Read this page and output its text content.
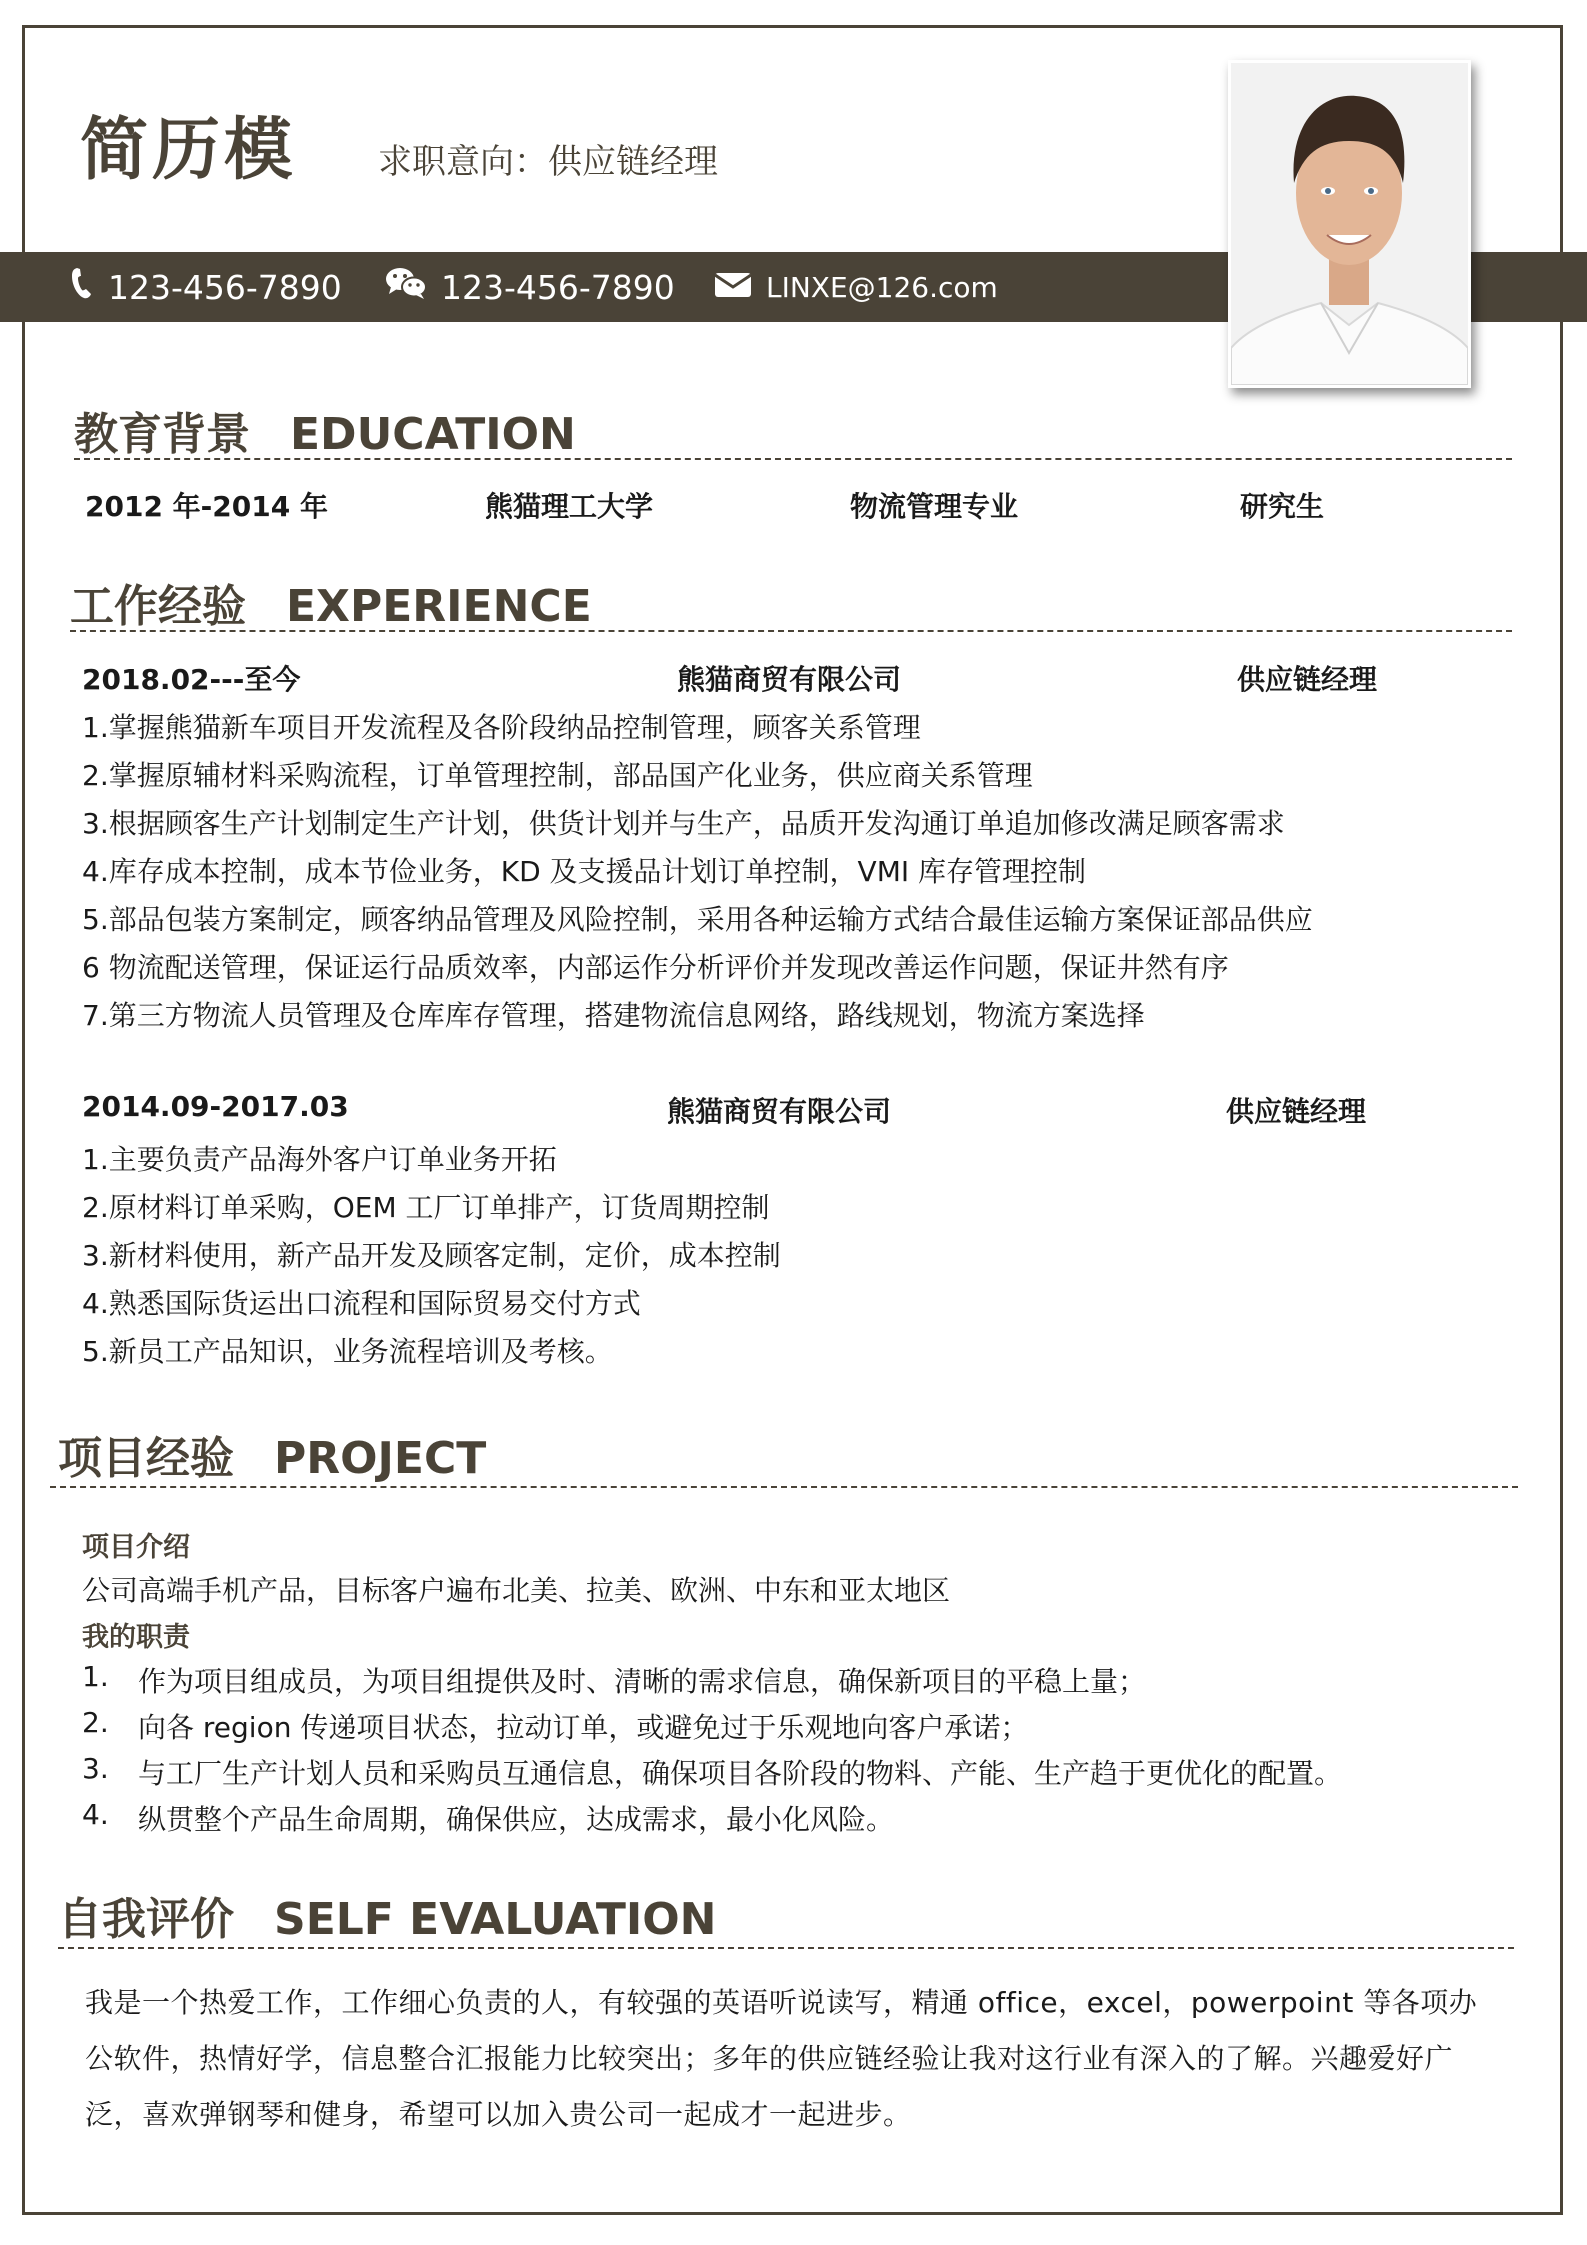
简历模 求职意向：供应链经理
123-456-7890	123-456-7890	LINXE@126.com
教育背景 EDUCATION
2012 年-2014 年	熊猫理工大学	物流管理专业	研究生
工作经验 EXPERIENCE
2018.02---至今	熊猫商贸有限公司	供应链经理
1.掌握熊猫新车项目开发流程及各阶段纳品控制管理，顾客关系管理
2.掌握原辅材料采购流程，订单管理控制，部品国产化业务，供应商关系管理
3.根据顾客生产计划制定生产计划，供货计划并与生产，品质开发沟通订单追加修改满足顾客需求
4.库存成本控制，成本节俭业务，KD 及支援品计划订单控制，VMI 库存管理控制
5.部品包装方案制定，顾客纳品管理及风险控制，采用各种运输方式结合最佳运输方案保证部品供应
6 物流配送管理，保证运行品质效率，内部运作分析评价并发现改善运作问题，保证井然有序
7.第三方物流人员管理及仓库库存管理，搭建物流信息网络，路线规划，物流方案选择
2014.09-2017.03	熊猫商贸有限公司	供应链经理
1.主要负责产品海外客户订单业务开拓
2.原材料订单采购，OEM 工厂订单排产，订货周期控制
3.新材料使用，新产品开发及顾客定制，定价，成本控制
4.熟悉国际货运出口流程和国际贸易交付方式
5.新员工产品知识，业务流程培训及考核。
项目经验 PROJECT
项目介绍
公司高端手机产品，目标客户遍布北美、拉美、欧洲、中东和亚太地区
我的职责
1. 作为项目组成员，为项目组提供及时、清晰的需求信息，确保新项目的平稳上量；
2. 向各 region 传递项目状态，拉动订单，或避免过于乐观地向客户承诺；
3. 与工厂生产计划人员和采购员互通信息，确保项目各阶段的物料、产能、生产趋于更优化的配置。
4. 纵贯整个产品生命周期，确保供应，达成需求，最小化风险。
自我评价 SELF EVALUATION
我是一个热爱工作，工作细心负责的人，有较强的英语听说读写，精通 office，excel，powerpoint 等各项办公软件，热情好学，信息整合汇报能力比较突出；多年的供应链经验让我对这行业有深入的了解。兴趣爱好广泛，喜欢弹钢琴和健身，希望可以加入贵公司一起成才一起进步。
